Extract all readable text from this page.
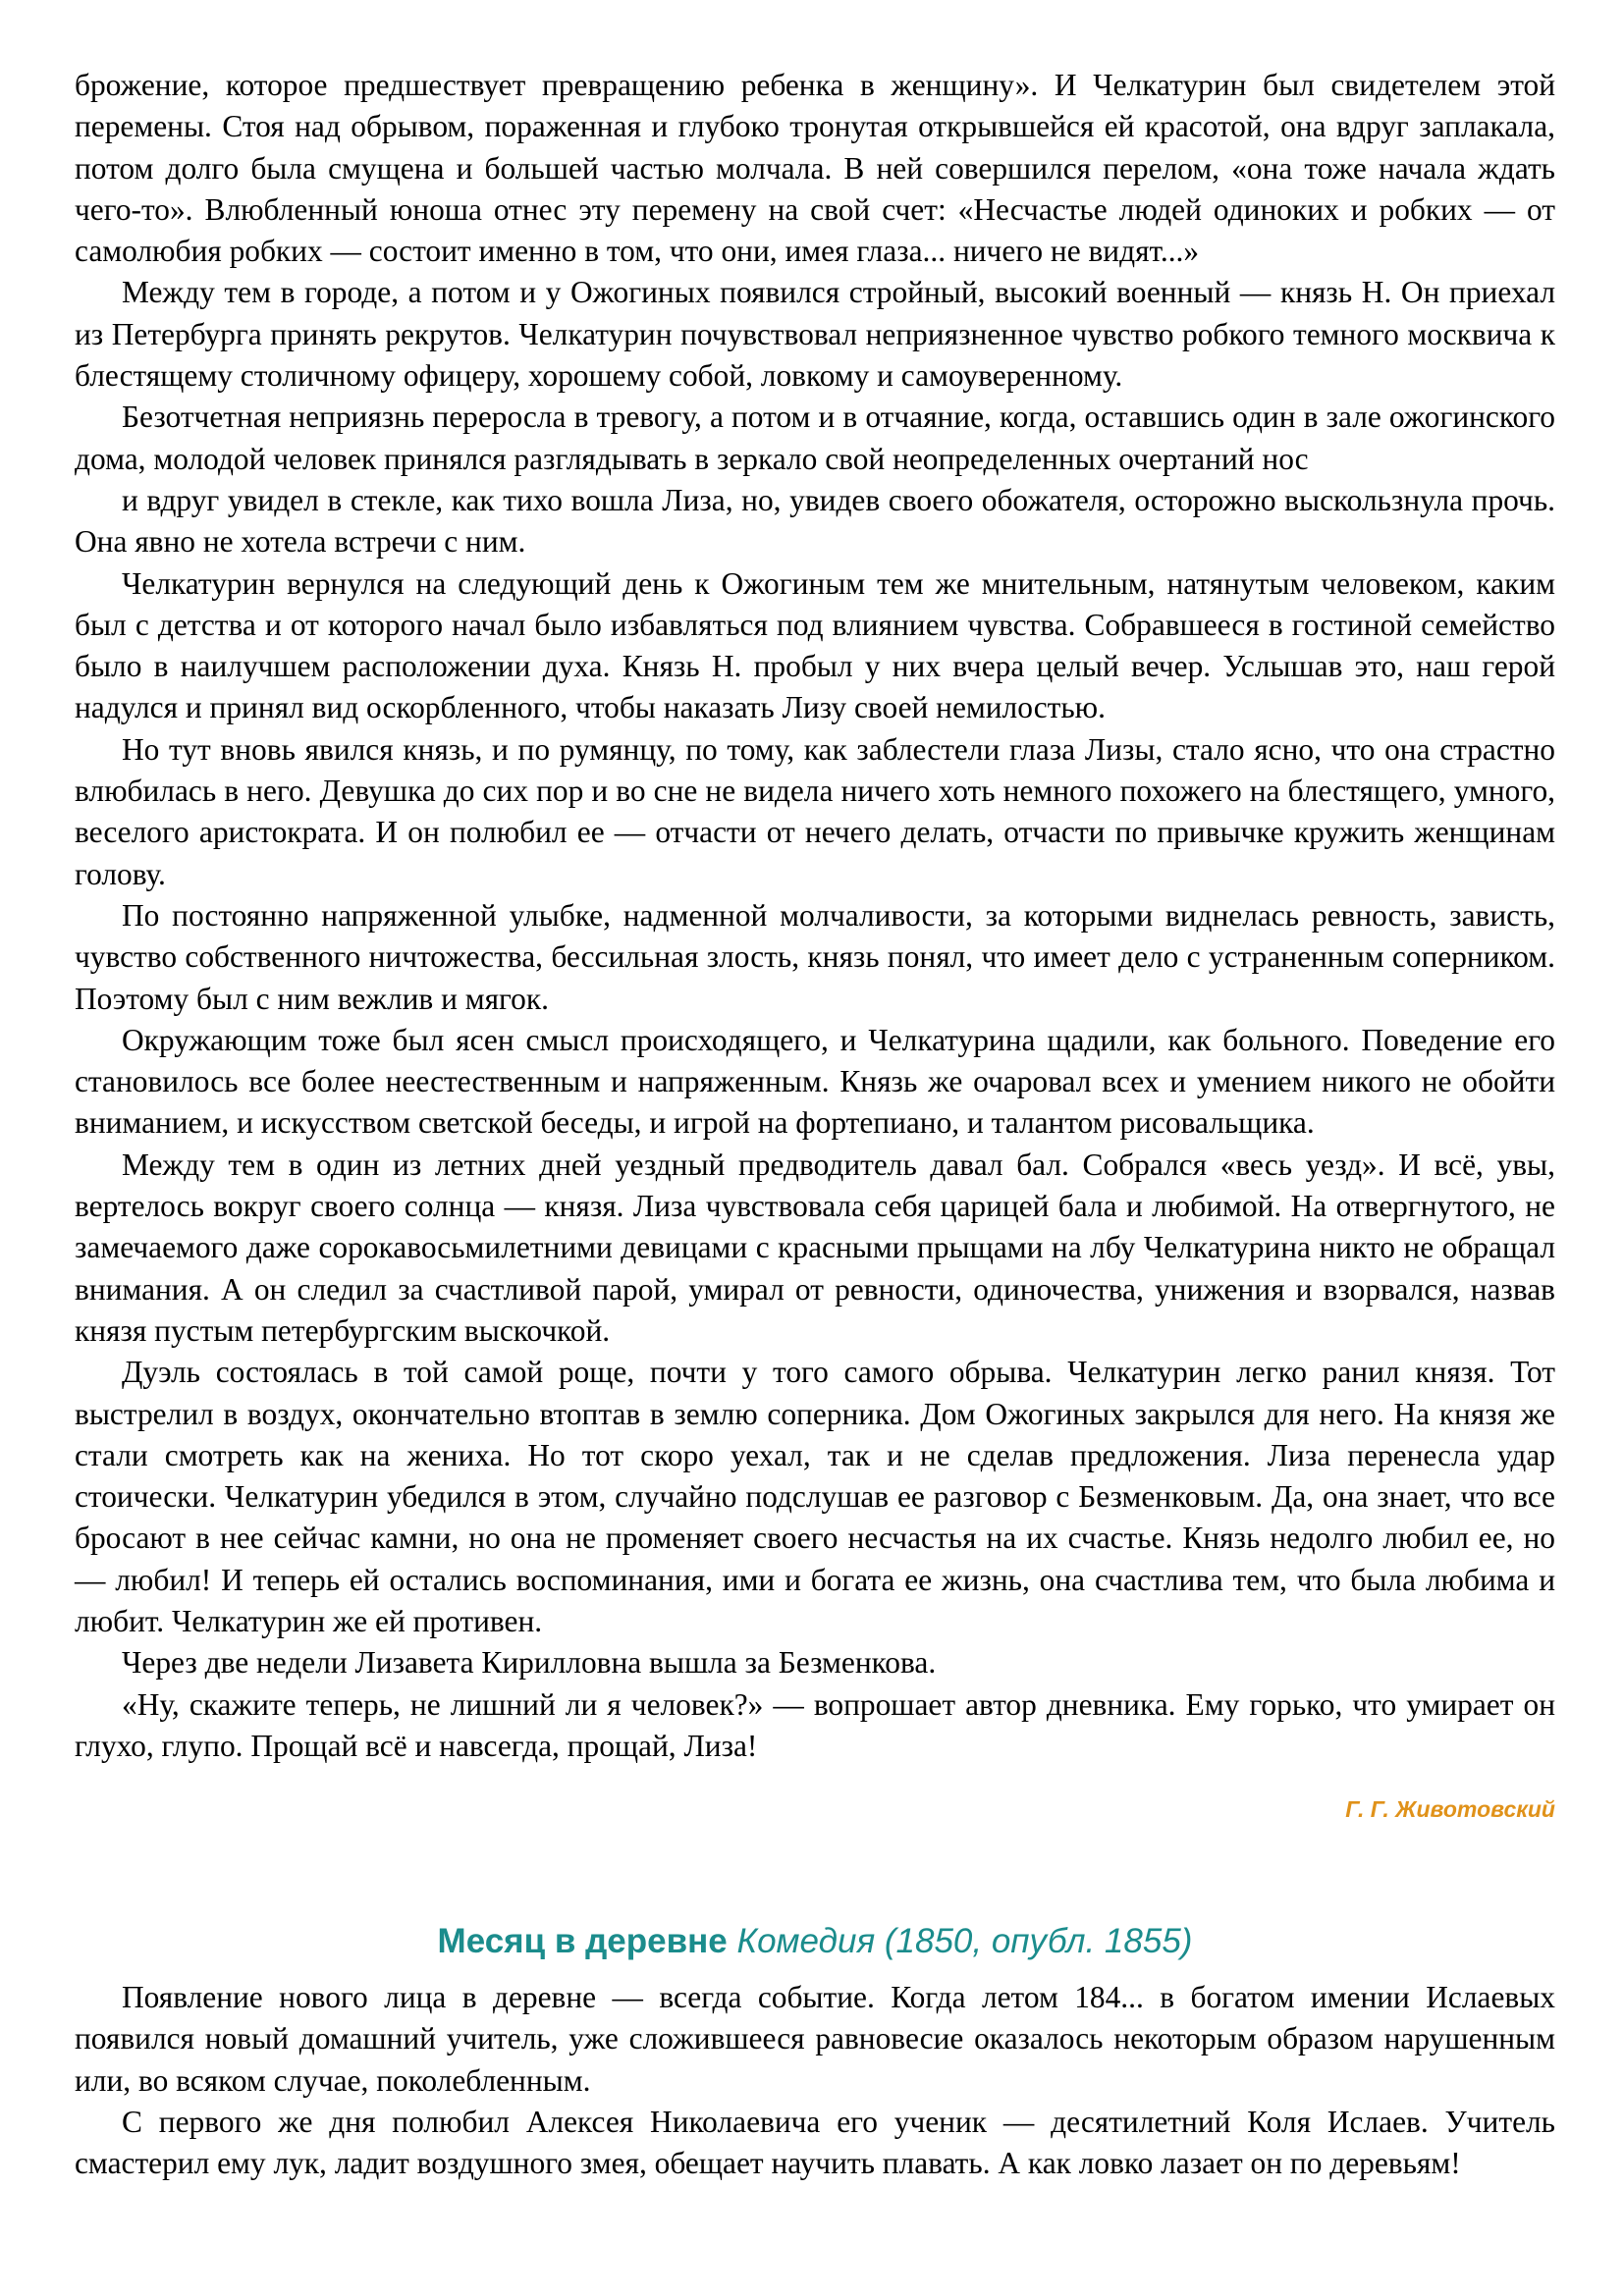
брожение, которое предшествует превращению ребенка в женщину». И Челкатурин был свидетелем этой перемены. Стоя над обрывом, пораженная и глубоко тронутая открывшейся ей красотой, она вдруг заплакала, потом долго была смущена и большей частью молчала. В ней совершился перелом, «она тоже начала ждать чего-то». Влюбленный юноша отнес эту перемену на свой счет: «Несчастье людей одиноких и робких — от самолюбия робких — состоит именно в том, что они, имея глаза... ничего не видят...»

Между тем в городе, а потом и у Ожогиных появился стройный, высокий военный — князь Н. Он приехал из Петербурга принять рекрутов. Челкатурин почувствовал неприязненное чувство робкого темного москвича к блестящему столичному офицеру, хорошему собой, ловкому и самоуверенному.

Безотчетная неприязнь переросла в тревогу, а потом и в отчаяние, когда, оставшись один в зале ожогинского дома, молодой человек принялся разглядывать в зеркало свой неопределенных очертаний нос

и вдруг увидел в стекле, как тихо вошла Лиза, но, увидев своего обожателя, осторожно выскользнула прочь. Она явно не хотела встречи с ним.

Челкатурин вернулся на следующий день к Ожогиным тем же мнительным, натянутым человеком, каким был с детства и от которого начал было избавляться под влиянием чувства. Собравшееся в гостиной семейство было в наилучшем расположении духа. Князь Н. пробыл у них вчера целый вечер. Услышав это, наш герой надулся и принял вид оскорбленного, чтобы наказать Лизу своей немилостью.

Но тут вновь явился князь, и по румянцу, по тому, как заблестели глаза Лизы, стало ясно, что она страстно влюбилась в него. Девушка до сих пор и во сне не видела ничего хоть немного похожего на блестящего, умного, веселого аристократа. И он полюбил ее — отчасти от нечего делать, отчасти по привычке кружить женщинам голову.

По постоянно напряженной улыбке, надменной молчаливости, за которыми виднелась ревность, зависть, чувство собственного ничтожества, бессильная злость, князь понял, что имеет дело с устраненным соперником. Поэтому был с ним вежлив и мягок.

Окружающим тоже был ясен смысл происходящего, и Челкатурина щадили, как больного. Поведение его становилось все более неестественным и напряженным. Князь же очаровал всех и умением никого не обойти вниманием, и искусством светской беседы, и игрой на фортепиано, и талантом рисовальщика.

Между тем в один из летних дней уездный предводитель давал бал. Собрался «весь уезд». И всё, увы, вертелось вокруг своего солнца — князя. Лиза чувствовала себя царицей бала и любимой. На отвергнутого, не замечаемого даже сорокавосьмилетними девицами с красными прыщами на лбу Челкатурина никто не обращал внимания. А он следил за счастливой парой, умирал от ревности, одиночества, унижения и взорвался, назвав князя пустым петербургским выскочкой.

Дуэль состоялась в той самой роще, почти у того самого обрыва. Челкатурин легко ранил князя. Тот выстрелил в воздух, окончательно втоптав в землю соперника. Дом Ожогиных закрылся для него. На князя же стали смотреть как на жениха. Но тот скоро уехал, так и не сделав предложения. Лиза перенесла удар стоически. Челкатурин убедился в этом, случайно подслушав ее разговор с Безменковым. Да, она знает, что все бросают в нее сейчас камни, но она не променяет своего несчастья на их счастье. Князь недолго любил ее, но — любил! И теперь ей остались воспоминания, ими и богата ее жизнь, она счастлива тем, что была любима и любит. Челкатурин же ей противен.

Через две недели Лизавета Кирилловна вышла за Безменкова.

«Ну, скажите теперь, не лишний ли я человек?» — вопрошает автор дневника. Ему горько, что умирает он глухо, глупо. Прощай всё и навсегда, прощай, Лиза!

Г. Г. Животовский
Месяц в деревне Комедия (1850, опубл. 1855)

Появление нового лица в деревне — всегда событие. Когда летом 184... в богатом имении Ислаевых появился новый домашний учитель, уже сложившееся равновесие оказалось некоторым образом нарушенным или, во всяком случае, поколебленным.

С первого же дня полюбил Алексея Николаевича его ученик — десятилетний Коля Ислаев. Учитель смастерил ему лук, ладит воздушного змея, обещает научить плавать. А как ловко лазает он по деревьям!
